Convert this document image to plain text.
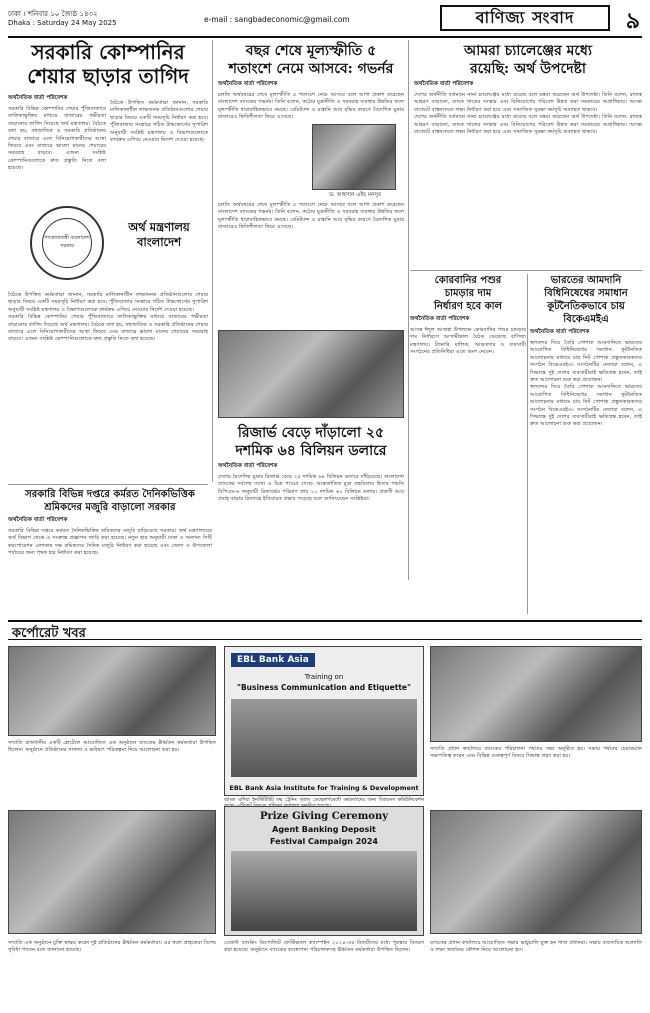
ঢাকা । শনিবার ১০ জ্যৈষ্ঠ ১৪৩২
Dhaka : Saturday 24 May 2025	e-mail : sangbadeconomic@gmail.com	বাণিজ্য সংবাদ	৯
সরকারি কোম্পানির
শেয়ার ছাড়ার তাগিদ
অর্থনৈতিক বার্তা পরিবেশক
সরকারি বিভিন্ন কোম্পানির শেয়ার পুঁজিবাজারে তালিকাভুক্তির মাধ্যমে বাজারের গভীরতা বাড়ানোর তাগিদ দিয়েছে অর্থ মন্ত্রণালয়। বৈঠকে বলা হয়, বহুজাতিক ও সরকারি প্রতিষ্ঠানের শেয়ার বাজারে এলে বিনিয়োগকারীদের আস্থা ফিরবে এবং বাজারে ভালো মানের শেয়ারের সরবরাহ বাড়বে। এজন্য সংশ্লিষ্ট কোম্পানিগুলোকে দ্রুত প্রস্তুতি নিতে বলা হয়েছে।
বৈঠকে উপস্থিত কর্মকর্তারা জানান, সরকারি মালিকানাধীন লাভজনক প্রতিষ্ঠানগুলোর শেয়ার ছাড়ার বিষয়ে একটি সময়সূচি নির্ধারণ করা হবে। পুঁজিবাজার সংস্কারে গঠিত টাস্কফোর্সের সুপারিশ অনুযায়ী সংশ্লিষ্ট মন্ত্রণালয় ও বিভাগগুলোকে কার্যক্রম এগিয়ে নেওয়ার নির্দেশ দেওয়া হয়েছে।
গণপ্রজাতন্ত্রী বাংলাদেশ সরকার
অর্থ মন্ত্রণালয়
বাংলাদেশ
বৈঠকে উপস্থিত কর্মকর্তারা জানান, সরকারি মালিকানাধীন লাভজনক প্রতিষ্ঠানগুলোর শেয়ার ছাড়ার বিষয়ে একটি সময়সূচি নির্ধারণ করা হবে। পুঁজিবাজার সংস্কারে গঠিত টাস্কফোর্সের সুপারিশ অনুযায়ী সংশ্লিষ্ট মন্ত্রণালয় ও বিভাগগুলোকে কার্যক্রম এগিয়ে নেওয়ার নির্দেশ দেওয়া হয়েছে।
সরকারি বিভিন্ন কোম্পানির শেয়ার পুঁজিবাজারে তালিকাভুক্তির মাধ্যমে বাজারের গভীরতা বাড়ানোর তাগিদ দিয়েছে অর্থ মন্ত্রণালয়। বৈঠকে বলা হয়, বহুজাতিক ও সরকারি প্রতিষ্ঠানের শেয়ার বাজারে এলে বিনিয়োগকারীদের আস্থা ফিরবে এবং বাজারে ভালো মানের শেয়ারের সরবরাহ বাড়বে। এজন্য সংশ্লিষ্ট কোম্পানিগুলোকে দ্রুত প্রস্তুতি নিতে বলা হয়েছে।
বছর শেষে মূল্যস্ফীতি ৫
শতাংশে নেমে আসবে: গভর্নর
অর্থনৈতিক বার্তা পরিবেশক
চলতি অর্থবছরের শেষে মূল্যস্ফীতি ৫ শতাংশে নেমে আসবে বলে আশা প্রকাশ করেছেন বাংলাদেশ ব্যাংকের গভর্নর। তিনি বলেন, কঠোর মুদ্রানীতি ও সরবরাহ ব্যবস্থার উন্নতির ফলে মূল্যস্ফীতি ধারাবাহিকভাবে কমছে। রেমিট্যান্স ও রপ্তানি আয় বৃদ্ধির কারণে বৈদেশিক মুদ্রার বাজারেও স্থিতিশীলতা ফিরে এসেছে।
ড. আহসান এইচ মনসুর
চলতি অর্থবছরের শেষে মূল্যস্ফীতি ৫ শতাংশে নেমে আসবে বলে আশা প্রকাশ করেছেন বাংলাদেশ ব্যাংকের গভর্নর। তিনি বলেন, কঠোর মুদ্রানীতি ও সরবরাহ ব্যবস্থার উন্নতির ফলে মূল্যস্ফীতি ধারাবাহিকভাবে কমছে। রেমিট্যান্স ও রপ্তানি আয় বৃদ্ধির কারণে বৈদেশিক মুদ্রার বাজারেও স্থিতিশীলতা ফিরে এসেছে।
আমরা চ্যালেঞ্জের মধ্যে
রয়েছি: অর্থ উপদেষ্টা
অর্থনৈতিক বার্তা পরিবেশক
দেশের অর্থনীতি বর্তমানে নানা চ্যালেঞ্জের মধ্যে রয়েছে বলে মন্তব্য করেছেন অর্থ উপদেষ্টা। তিনি বলেন, রাজস্ব আহরণ বাড়ানো, ব্যাংক খাতের সংস্কার এবং বিনিয়োগের পরিবেশ উন্নত করা সরকারের অগ্রাধিকার। আসন্ন বাজেটে বাস্তবসম্মত লক্ষ্য নির্ধারণ করা হবে এবং সামাজিক সুরক্ষা কর্মসূচি অব্যাহত থাকবে।
দেশের অর্থনীতি বর্তমানে নানা চ্যালেঞ্জের মধ্যে রয়েছে বলে মন্তব্য করেছেন অর্থ উপদেষ্টা। তিনি বলেন, রাজস্ব আহরণ বাড়ানো, ব্যাংক খাতের সংস্কার এবং বিনিয়োগের পরিবেশ উন্নত করা সরকারের অগ্রাধিকার। আসন্ন বাজেটে বাস্তবসম্মত লক্ষ্য নির্ধারণ করা হবে এবং সামাজিক সুরক্ষা কর্মসূচি অব্যাহত থাকবে।
কোরবানির পশুর
চামড়ার দাম
নির্ধারণ হবে কাল
অর্থনৈতিক বার্তা পরিবেশক
আসন্ন ঈদুল আজহা উপলক্ষে কোরবানির পশুর চামড়ার দাম নির্ধারণে আগামীকাল বৈঠক ডেকেছে বাণিজ্য মন্ত্রণালয়। ট্যানারি মালিক, আড়তদার ও ব্যবসায়ী সংগঠনের প্রতিনিধিরা এতে অংশ নেবেন।
ভারতের আমদানি বিধিনিষেধের সমাধান
কূটনৈতিকভাবে চায় বিকেএমইএ
অর্থনৈতিক বার্তা পরিবেশক
স্থলবন্দর দিয়ে তৈরি পোশাক আমদানিতে ভারতের আরোপিত বিধিনিষেধের সমাধান কূটনৈতিক আলোচনার মাধ্যমে চায় নিট পোশাক প্রস্তুতকারকদের সংগঠন বিকেএমইএ। সংগঠনটির নেতারা বলেন, এ সিদ্ধান্তে দুই দেশের ব্যবসায়ীরাই ক্ষতিগ্রস্ত হবেন, তাই দ্রুত আলোচনা শুরু করা প্রয়োজন।
স্থলবন্দর দিয়ে তৈরি পোশাক আমদানিতে ভারতের আরোপিত বিধিনিষেধের সমাধান কূটনৈতিক আলোচনার মাধ্যমে চায় নিট পোশাক প্রস্তুতকারকদের সংগঠন বিকেএমইএ। সংগঠনটির নেতারা বলেন, এ সিদ্ধান্তে দুই দেশের ব্যবসায়ীরাই ক্ষতিগ্রস্ত হবেন, তাই দ্রুত আলোচনা শুরু করা প্রয়োজন।
রিজার্ভ বেড়ে দাঁড়ালো ২৫
দশমিক ৬৪ বিলিয়ন ডলারে
অর্থনৈতিক বার্তা পরিবেশক
দেশের বৈদেশিক মুদ্রার রিজার্ভ বেড়ে ২৫ দশমিক ৬৪ বিলিয়ন ডলারে দাঁড়িয়েছে। বাংলাদেশ ব্যাংকের সর্বশেষ তথ্যে এ চিত্র পাওয়া গেছে। আন্তর্জাতিক মুদ্রা তহবিলের হিসাব পদ্ধতি বিপিএম-৬ অনুযায়ী রিজার্ভের পরিমাণ প্রায় ২০ দশমিক ৬০ বিলিয়ন ডলার। প্রবাসী আয় প্রবাহ বাড়ায় রিজার্ভে ইতিবাচক প্রভাব পড়েছে বলে জানিয়েছেন সংশ্লিষ্টরা।
সরকারি বিভিন্ন দপ্তরে কর্মরত দৈনিকভিত্তিক
শ্রমিকদের মজুরি বাড়ালো সরকার
অর্থনৈতিক বার্তা পরিবেশক
সরকারি বিভিন্ন দপ্তরে কর্মরত দৈনিকভিত্তিক শ্রমিকদের মজুরি বাড়িয়েছে সরকার। অর্থ মন্ত্রণালয়ের অর্থ বিভাগ থেকে এ সংক্রান্ত প্রজ্ঞাপন জারি করা হয়েছে। নতুন হার অনুযায়ী ঢাকা ও অন্যান্য সিটি করপোরেশন এলাকায় দক্ষ শ্রমিকদের দৈনিক মজুরি নির্ধারণ করা হয়েছে এবং জেলা ও উপজেলা পর্যায়ের জন্য পৃথক হার নির্ধারণ করা হয়েছে।
কর্পোরেট খবর
সম্প্রতি রাজধানীর একটি হোটেলে আয়োজিত এক অনুষ্ঠানে ব্যাংকের ঊর্ধ্বতন কর্মকর্তারা উপস্থিত ছিলেন। অনুষ্ঠানে প্রতিষ্ঠানের সাফল্য ও ভবিষ্যৎ পরিকল্পনা নিয়ে আলোচনা করা হয়।
EBL Bank Asia
Training on
"Business Communication and Etiquette"
EBL Bank Asia Institute for Training & Development
ব্যাংক এশিয়া ইনস্টিটিউট ফর ট্রেনিং অ্যান্ড ডেভেলপমেন্টে কর্মকর্তাদের জন্য বিজনেস কমিউনিকেশন
সম্প্রতি প্রধান কার্যালয়ে ব্যাংকের পরিচালনা পর্ষদের সভা অনুষ্ঠিত হয়। সভায় পর্ষদের চেয়ারম্যান সভাপতিত্ব করেন এবং বিভিন্ন গুরুত্বপূর্ণ বিষয়ে সিদ্ধান্ত গ্রহণ করা হয়।
সম্প্রতি এক অনুষ্ঠানে চুক্তি স্বাক্ষর করেন দুই প্রতিষ্ঠানের ঊর্ধ্বতন কর্মকর্তারা। এর ফলে গ্রাহকেরা বিশেষ সুবিধা পাবেন বলে জানানো হয়েছে।
Prize Giving Ceremony
Agent Banking Deposit
Festival Campaign 2024
এজেন্ট ব্যাংকিং ডিপোজিট ফেস্টিভ্যাল ক্যাম্পেইন ২০২৪-এর বিজয়ীদের মধ্যে পুরস্কার বিতরণ করা হয়েছে। অনুষ্ঠানে ব্যাংকের ব্যবস্থাপনা পরিচালকসহ ঊর্ধ্বতন কর্মকর্তারা উপস্থিত ছিলেন।
ব্যাংকের প্রধান কার্যালয়ে আয়োজিত সভায় ভার্চুয়ালি যুক্ত হন শাখা প্রধানরা। সভায় ব্যবসায়িক অগ্রগতি ও লক্ষ্য অর্জনের কৌশল নিয়ে আলোচনা হয়।
